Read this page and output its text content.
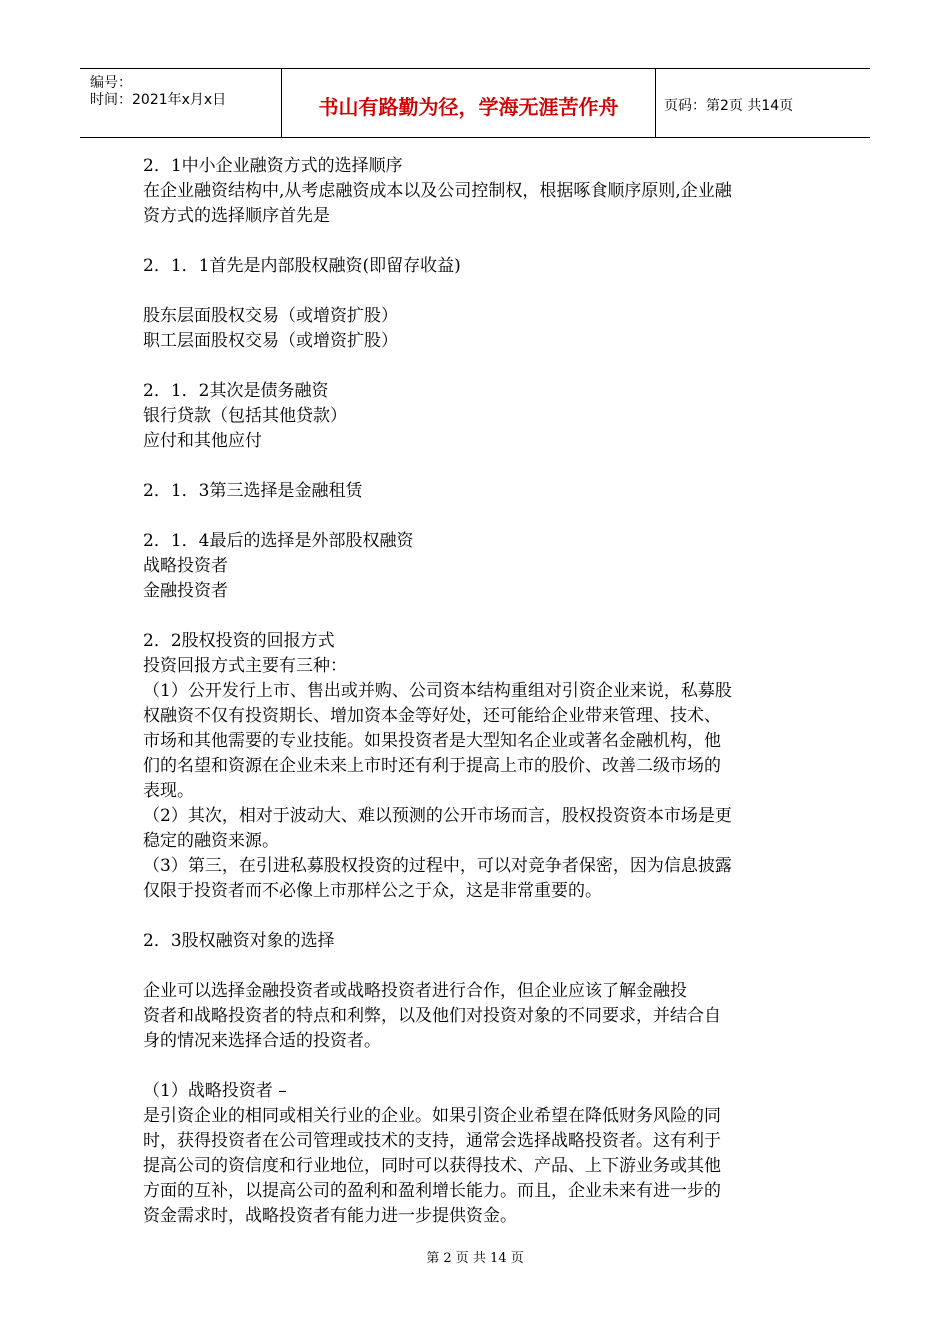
编号：
时间：2021年x月x日	书山有路勤为径，学海无涯苦作舟	页码：第2页 共14页
2．1中小企业融资方式的选择顺序
在企业融资结构中,从考虑融资成本以及公司控制权，根据啄食顺序原则,企业融
资方式的选择顺序首先是
2．1．1首先是内部股权融资(即留存收益)
股东层面股权交易（或增资扩股）
职工层面股权交易（或增资扩股）
2．1．2其次是债务融资
银行贷款（包括其他贷款）
应付和其他应付
2．1．3第三选择是金融租赁
2．1．4最后的选择是外部股权融资
战略投资者
金融投资者
2．2股权投资的回报方式
投资回报方式主要有三种：
（1）公开发行上市、售出或并购、公司资本结构重组对引资企业来说，私募股
权融资不仅有投资期长、增加资本金等好处，还可能给企业带来管理、技术、
市场和其他需要的专业技能。如果投资者是大型知名企业或著名金融机构，他
们的名望和资源在企业未来上市时还有利于提高上市的股价、改善二级市场的
表现。
（2）其次，相对于波动大、难以预测的公开市场而言，股权投资资本市场是更
稳定的融资来源。
（3）第三，在引进私募股权投资的过程中，可以对竞争者保密，因为信息披露
仅限于投资者而不必像上市那样公之于众，这是非常重要的。
2．3股权融资对象的选择
企业可以选择金融投资者或战略投资者进行合作，但企业应该了解金融投
资者和战略投资者的特点和利弊，以及他们对投资对象的不同要求，并结合自
身的情况来选择合适的投资者。
（1）战略投资者 –
是引资企业的相同或相关行业的企业。如果引资企业希望在降低财务风险的同
时，获得投资者在公司管理或技术的支持，通常会选择战略投资者。这有利于
提高公司的资信度和行业地位，同时可以获得技术、产品、上下游业务或其他
方面的互补，以提高公司的盈利和盈利增长能力。而且，企业未来有进一步的
资金需求时，战略投资者有能力进一步提供资金。
第 2 页 共 14 页
